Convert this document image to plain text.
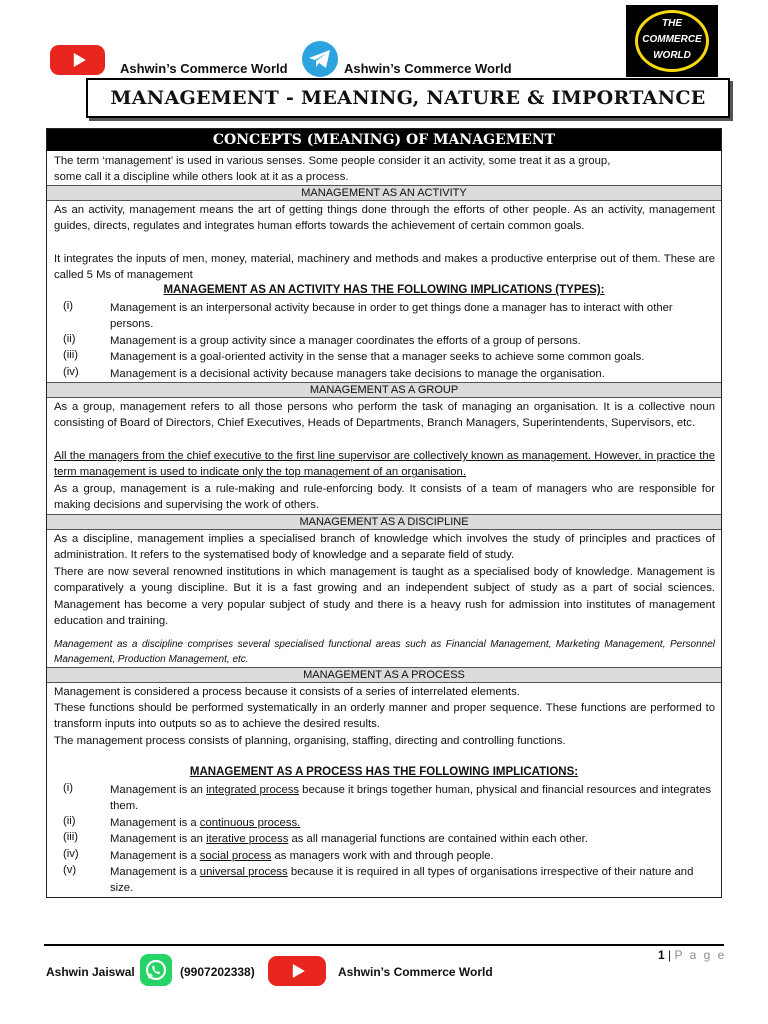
Ashwin’s Commerce World	Ashwin’s Commerce World
THE
COMMERCE
WORLD
MANAGEMENT - MEANING, NATURE & IMPORTANCE
CONCEPTS (MEANING) OF MANAGEMENT
The term ‘management’ is used in various senses. Some people consider it an activity, some treat it as a group,
some call it a discipline while others look at it as a process.
MANAGEMENT AS AN ACTIVITY
As an activity, management means the art of getting things done through the efforts of other people. As an activity, management guides, directs, regulates and integrates human efforts towards the achievement of certain common goals.
It integrates the inputs of men, money, material, machinery and methods and makes a productive enterprise out of them. These are called 5 Ms of management
MANAGEMENT AS AN ACTIVITY HAS THE FOLLOWING IMPLICATIONS (TYPES):
(i)	Management is an interpersonal activity because in order to get things done a manager has to interact with other persons.
(ii)	Management is a group activity since a manager coordinates the efforts of a group of persons.
(iii)	Management is a goal-oriented activity in the sense that a manager seeks to achieve some common goals.
(iv)	Management is a decisional activity because managers take decisions to manage the organisation.
MANAGEMENT AS A GROUP
As a group, management refers to all those persons who perform the task of managing an organisation. It is a collective noun consisting of Board of Directors, Chief Executives, Heads of Departments, Branch Managers, Superintendents, Supervisors, etc.
All the managers from the chief executive to the first line supervisor are collectively known as management. However, in practice the term management is used to indicate only the top management of an organisation.
As a group, management is a rule-making and rule-enforcing body. It consists of a team of managers who are responsible for making decisions and supervising the work of others.
MANAGEMENT AS A DISCIPLINE
As a discipline, management implies a specialised branch of knowledge which involves the study of principles and practices of administration. It refers to the systematised body of knowledge and a separate field of study.
There are now several renowned institutions in which management is taught as a specialised body of knowledge. Management is comparatively a young discipline. But it is a fast growing and an independent subject of study as a part of social sciences. Management has become a very popular subject of study and there is a heavy rush for admission into institutes of management education and training.
Management as a discipline comprises several specialised functional areas such as Financial Management, Marketing Management, Personnel Management, Production Management, etc.
MANAGEMENT AS A PROCESS
Management is considered a process because it consists of a series of interrelated elements.
These functions should be performed systematically in an orderly manner and proper sequence. These functions are performed to transform inputs into outputs so as to achieve the desired results.
The management process consists of planning, organising, staffing, directing and controlling functions.
MANAGEMENT AS A PROCESS HAS THE FOLLOWING IMPLICATIONS:
(i)	Management is an integrated process because it brings together human, physical and financial resources and integrates them.
(ii)	Management is a continuous process.
(iii)	Management is an iterative process as all managerial functions are contained within each other.
(iv)	Management is a social process as managers work with and through people.
(v)	Management is a universal process because it is required in all types of organisations irrespective of their nature and size.
1 | P a g e
Ashwin Jaiswal	(9907202338)	Ashwin’s Commerce World
